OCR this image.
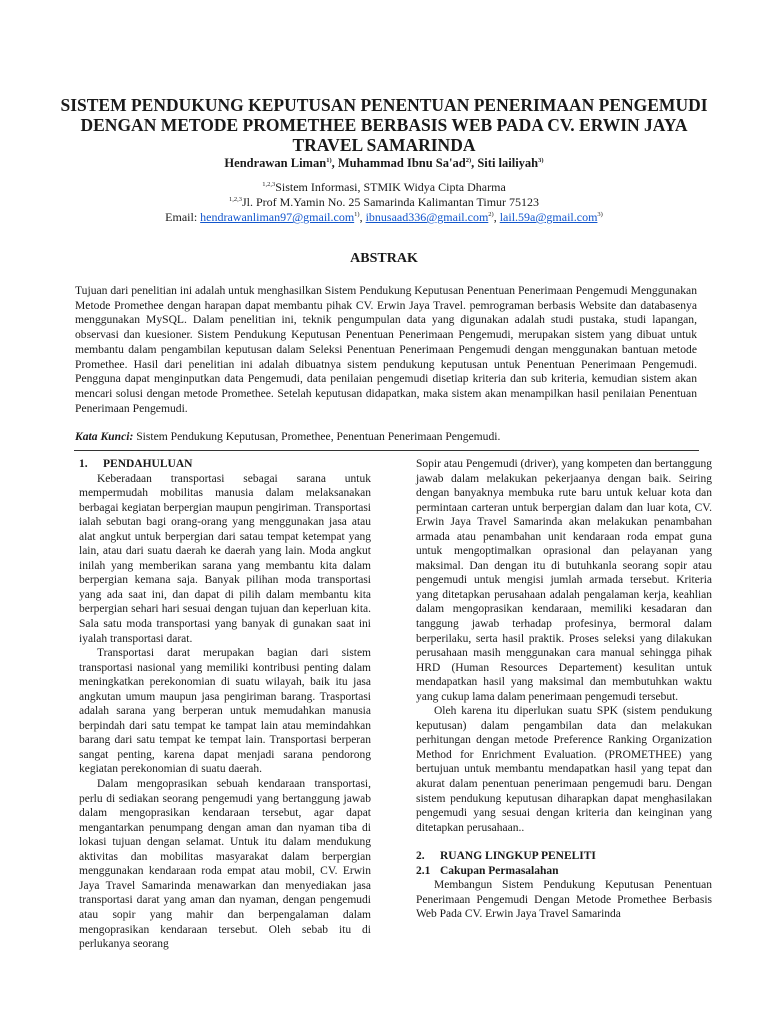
SISTEM PENDUKUNG KEPUTUSAN PENENTUAN PENERIMAAN PENGEMUDI DENGAN METODE PROMETHEE BERBASIS WEB PADA CV. ERWIN JAYA TRAVEL SAMARINDA
Hendrawan Liman$^{1)}$, Muhammad Ibnu $Sa'ad^{2)}$, Siti lailiyah$^{3)}$
$^{1,2,3}$Sistem Informasi, STMIK Widya Cipta Dharma
$^{1,2,3}$Jl. Prof M.Yamin No. 25 Samarinda Kalimantan Timur 75123
Email: hendrawanliman97@gmail.com$^{1)}$, ibnusaad336@gmail.com$^{2)}$, lail.59a@gmail.com$^{3)}$
ABSTRAK

Tujuan dari penelitian ini adalah untuk menghasilkan Sistem Pendukung Keputusan Penentuan Penerimaan Pengemudi Menggunakan Metode Promethee dengan harapan dapat membantu pihak CV. Erwin Jaya Travel. pemrograman berbasis Website dan databasenya menggunakan MySQL. Dalam penelitian ini, teknik pengumpulan data yang digunakan adalah studi pustaka, studi lapangan, observasi dan kuesioner. Sistem Pendukung Keputusan Penentuan Penerimaan Pengemudi, merupakan sistem yang dibuat untuk membantu dalam pengambilan keputusan dalam Seleksi Penentuan Penerimaan Pengemudi dengan menggunakan bantuan metode Promethee. Hasil dari penelitian ini adalah dibuatnya sistem pendukung keputusan untuk Penentuan Penerimaan Pengemudi. Pengguna dapat menginputkan data Pengemudi, data penilaian pengemudi disetiap kriteria dan sub kriteria, kemudian sistem akan mencari solusi dengan metode Promethee. Setelah keputusan didapatkan, maka sistem akan menampilkan hasil penilaian Penentuan Penerimaan Pengemudi.

Kata Kunci: Sistem Pendukung Keputusan, Promethee, Penentuan Penerimaan Pengemudi.
1. PENDAHULUAN

Keberadaan transportasi sebagai sarana untuk mempermudah mobilitas manusia dalam melaksanakan berbagai kegiatan berpergian maupun pengiriman. Transportasi ialah sebutan bagi orang-orang yang menggunakan jasa atau alat angkut untuk berpergian dari satau tempat ketempat yang lain, atau dari suatu daerah ke daerah yang lain. Moda angkut inilah yang memberikan sarana yang membantu kita dalam berpergian kemana saja. Banyak pilihan moda transportasi yang ada saat ini, dan dapat di pilih dalam membantu kita berpergian sehari hari sesuai dengan tujuan dan keperluan kita. Sala satu moda transportasi yang banyak di gunakan saat ini iyalah transportasi darat.

Transportasi darat merupakan bagian dari sistem transportasi nasional yang memiliki kontribusi penting dalam meningkatkan perekonomian di suatu wilayah, baik itu jasa angkutan umum maupun jasa pengiriman barang. Trasportasi adalah sarana yang berperan untuk memudahkan manusia berpindah dari satu tempat ke tampat lain atau memindahkan barang dari satu tempat ke tempat lain. Transportasi berperan sangat penting, karena dapat menjadi sarana pendorong kegiatan perekonomian di suatu daerah.

Dalam mengoprasikan sebuah kendaraan transportasi, perlu di sediakan seorang pengemudi yang bertanggung jawab dalam mengoprasikan kendaraan tersebut, agar dapat mengantarkan penumpang dengan aman dan nyaman tiba di lokasi tujuan dengan selamat. Untuk itu dalam mendukung aktivitas dan mobilitas masyarakat dalam berpergian menggunakan kendaraan roda empat atau mobil, CV. Erwin Jaya Travel Samarinda menawarkan dan menyediakan jasa transportasi darat yang aman dan nyaman, dengan pengemudi atau sopir yang mahir dan berpengalaman dalam mengoprasikan kendaraan tersebut. Oleh sebab itu di perlukanya seorang

Sopir atau Pengemudi (driver), yang kompeten dan bertanggung jawab dalam melakukan pekerjaanya dengan baik. Seiring dengan banyaknya membuka rute baru untuk keluar kota dan permintaan carteran untuk berpergian dalam dan luar kota, CV. Erwin Jaya Travel Samarinda akan melakukan penambahan armada atau penambahan unit kendaraan roda empat guna untuk mengoptimalkan oprasional dan pelayanan yang maksimal. Dan dengan itu di butuhkanla seorang sopir atau pengemudi untuk mengisi jumlah armada tersebut. Kriteria yang ditetapkan perusahaan adalah pengalaman kerja, keahlian dalam mengoprasikan kendaraan, memiliki kesadaran dan tanggung jawab terhadap profesinya, bermoral dalam berperilaku, serta hasil praktik. Proses seleksi yang dilakukan perusahaan masih menggunakan cara manual sehingga pihak HRD (Human Resources Departement) kesulitan untuk mendapatkan hasil yang maksimal dan membutuhkan waktu yang cukup lama dalam penerimaan pengemudi tersebut.

Oleh karena itu diperlukan suatu SPK (sistem pendukung keputusan) dalam pengambilan data dan melakukan perhitungan dengan metode Preference Ranking Organization Method for Enrichment Evaluation. (PROMETHEE) yang bertujuan untuk membantu mendapatkan hasil yang tepat dan akurat dalam penentuan penerimaan pengemudi baru. Dengan sistem pendukung keputusan diharapkan dapat menghasilakan pengemudi yang sesuai dengan kriteria dan keinginan yang ditetapkan perusahaan..

2. RUANG LINGKUP PENELITI
2.1 Cakupan Permasalahan

Membangun Sistem Pendukung Keputusan Penentuan Penerimaan Pengemudi Dengan Metode Promethee Berbasis Web Pada CV. Erwin Jaya Travel Samarinda
